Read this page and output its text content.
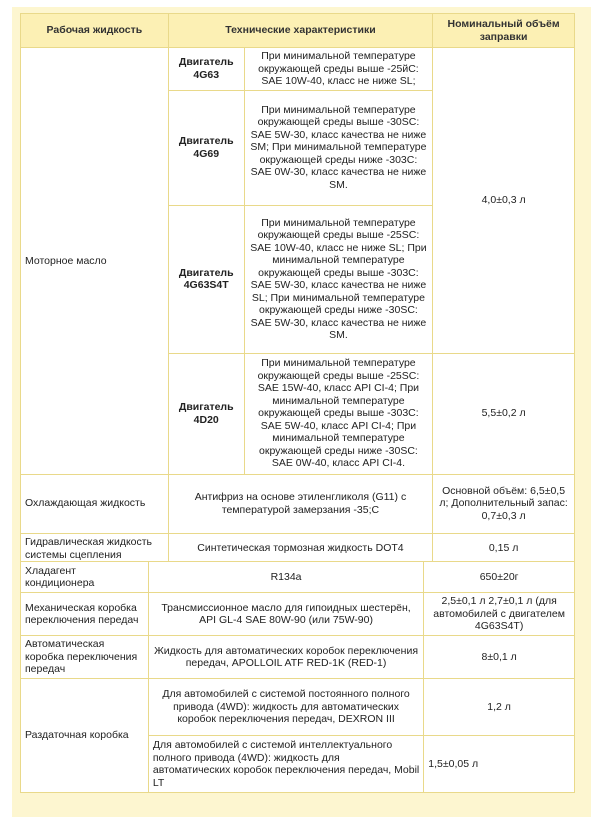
Рабочая жидкость	Технические характеристики		Номинальный объём заправки
Моторное масло	Двигатель 4G63	При минимальной температуре окружающей среды выше -25йС: SAE 10W-40, класс не ниже SL;	4,0±0,3 л
	Двигатель 4G69	При минимальной температуре окружающей среды выше -30SC: SAE 5W-30, класс качества не ниже SM; При минимальной температуре окружающей среды ниже -303С: SAE 0W-30, класс качества не ниже SM.	
	Двигатель 4G63S4T	При минимальной температуре окружающей среды выше -25SC: SAE 10W-40, класс не ниже SL; При минимальной температуре окружающей среды выше -303С: SAE 5W-30, класс качества не ниже SL; При минимальной температуре окружающей среды ниже -30SC: SAE 5W-30, класс качества не ниже SM.	
	Двигатель 4D20	При минимальной температуре окружающей среды выше -25SC: SAE 15W-40, класс API CI-4; При минимальной температуре окружающей среды выше -303С: SAE 5W-40, класс API CI-4; При минимальной температуре окружающей среды ниже -30SC: SAE 0W-40, класс API CI-4.	5,5±0,2 л
Охлаждающая жидкость	Антифриз на основе этиленгликоля (G11) с температурой замерзания -35;С		Основной объём: 6,5±0,5 л; Дополнительный запас: 0,7±0,3 л
Гидравлическая жидкость системы сцепления	Синтетическая тормозная жидкость DOT4		0,15 л
Хладагент кондиционера	R134a	650±20г
Механическая коробка переключения передач	Трансмиссионное масло для гипоидных шестерён, API GL-4 SAE 80W-90 (или 75W-90)	2,5±0,1 л 2,7±0,1 л (для автомобилей с двигателем 4G63S4T)
Автоматическая коробка переключения передач	Жидкость для автоматических коробок переключения передач, APOLLOIL ATF RED-1K (RED-1)	8±0,1 л
Раздаточная коробка	Для автомобилей с системой постоянного полного привода (4WD): жидкость для автоматических коробок переключения передач, DEXRON III	1,2 л
	Для автомобилей с системой интеллектуального полного привода (4WD): жидкость для автоматических коробок переключения передач, Mobil LT	1,5±0,05 л
